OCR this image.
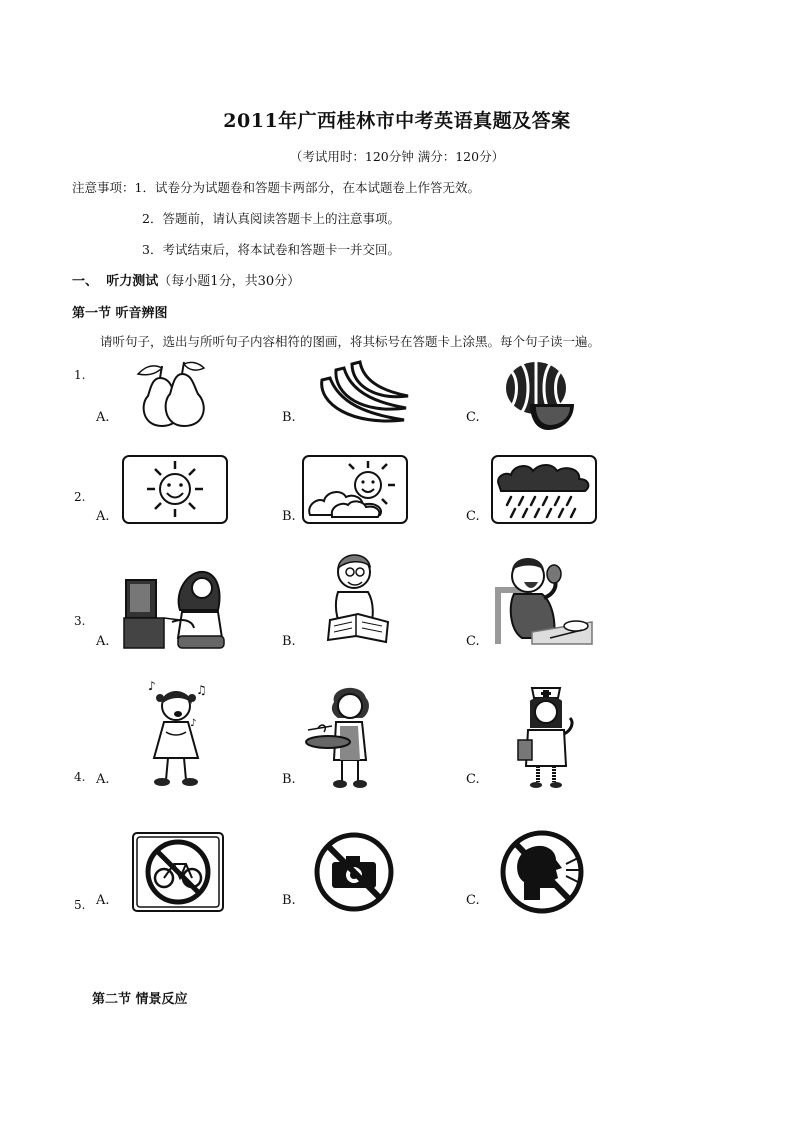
2011年广西桂林市中考英语真题及答案
（考试用时：120分钟 满分：120分）
注意事项：1．试卷分为试题卷和答题卡两部分，在本试题卷上作答无效。
2．答题前，请认真阅读答题卡上的注意事项。
3．考试结束后，将本试卷和答题卡一并交回。
一、 听力测试（每小题1分，共30分）
第一节 听音辨图
请听句子，选出与所听句子内容相符的图画，将其标号在答题卡上涂黑。每个句子读一遍。
1.
2.
3.
4.
5.
A.	B.	C.
A.	B.	C.
A.	B.	C.
A.	B.	C.
A.	B.	C.
♪	♫
♪
第二节 情景反应
